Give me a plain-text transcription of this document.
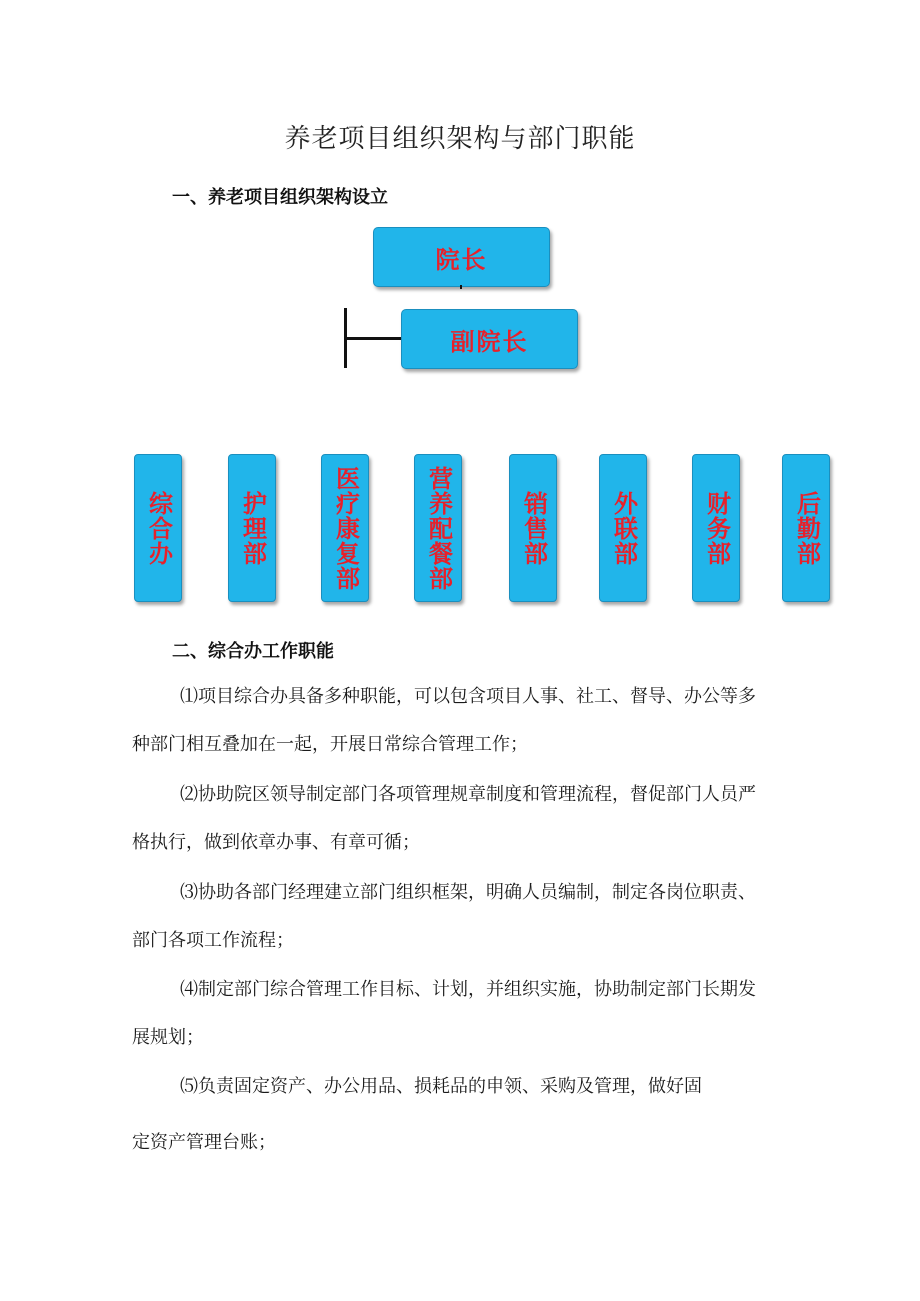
养老项目组织架构与部门职能
一、养老项目组织架构设立
院长
副院长
综合办	护理部	医疗康复部	营养配餐部	销售部	外联部	财务部	后勤部
二、综合办工作职能
⑴项目综合办具备多种职能，可以包含项目人事、社工、督导、办公等多
种部门相互叠加在一起，开展日常综合管理工作；
⑵协助院区领导制定部门各项管理规章制度和管理流程，督促部门人员严
格执行，做到依章办事、有章可循；
⑶协助各部门经理建立部门组织框架，明确人员编制，制定各岗位职责、
部门各项工作流程；
⑷制定部门综合管理工作目标、计划，并组织实施，协助制定部门长期发
展规划；
⑸负责固定资产、办公用品、损耗品的申领、采购及管理，做好固
定资产管理台账；
